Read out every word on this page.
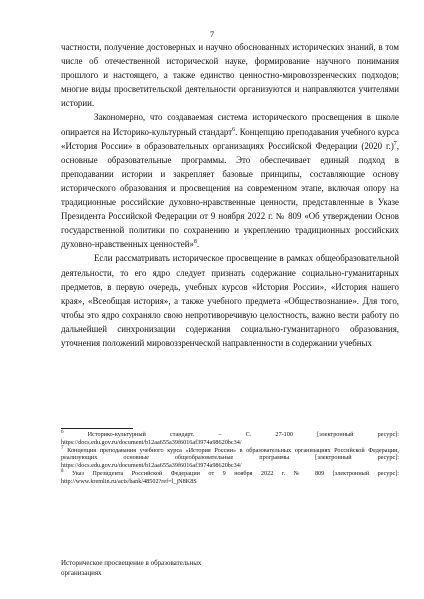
7

частности, получение достоверных и научно обоснованных исторических знаний, в том числе об отечественной исторической науке, формирование научного понимания прошлого и настоящего, а также единство ценностно-мировоззренческих подходов; многие виды просветительской деятельности организуются и направляются учителями истории.

Закономерно, что создаваемая система исторического просвещения в школе опирается на Историко-культурный стандарт$^6$. Концепцию преподавания учебного курса «История России» в образовательных организациях Российской Федерации (2020 г.)$^7$, основные образовательные программы. Это обеспечивает единый подход в преподавании истории и закрепляет базовые принципы, составляющие основу исторического образования и просвещения на современном этапе, включая опору на традиционные российские духовно-нравственные ценности, представленные в Указе Президента Российской Федерации от 9 ноября 2022 г. № 809 «Об утверждении Основ государственной политики по сохранению и укреплению традиционных российских духовно-нравственных ценностей»$^8$.

Если рассматривать историческое просвещение в рамках общеобразовательной деятельности, то его ядро следует признать содержание социально-гуманитарных предметов, в первую очередь, учебных курсов «История России», «История нашего края», «Всеобщая история», а также учебного предмета «Обществознание». Для того, чтобы это ядро сохраняло свою непротиворечивую целостность, важно вести работу по дальнейшей синхронизации содержания социально-гуманитарного образования, уточнения положений мировоззренческой направленности в содержании учебных

$^6$	Историко-культурный стандарт. – С. 27-100 [электронный ресурс]: https://docs.edu.gov.ru/document/b12aa655a39f6016af3974a98620bc34/

$^7$ Концепция преподавания учебного курса «История России» в образовательных организациях Российской Федерации, реализующих основные общеобразовательные программы [электронный ресурс]: https://docs.edu.gov.ru/document/b12aa655a39f6016af3974a98620bc34/

$^8$ Указ Президента Российской Федерации от 9 ноября 2022 г. № 809 [электронный ресурс]: http://www.kremlin.ru/acts/bank/48502?ref=l_jN8K8S

Историческое просвещение в образовательных

организациях
